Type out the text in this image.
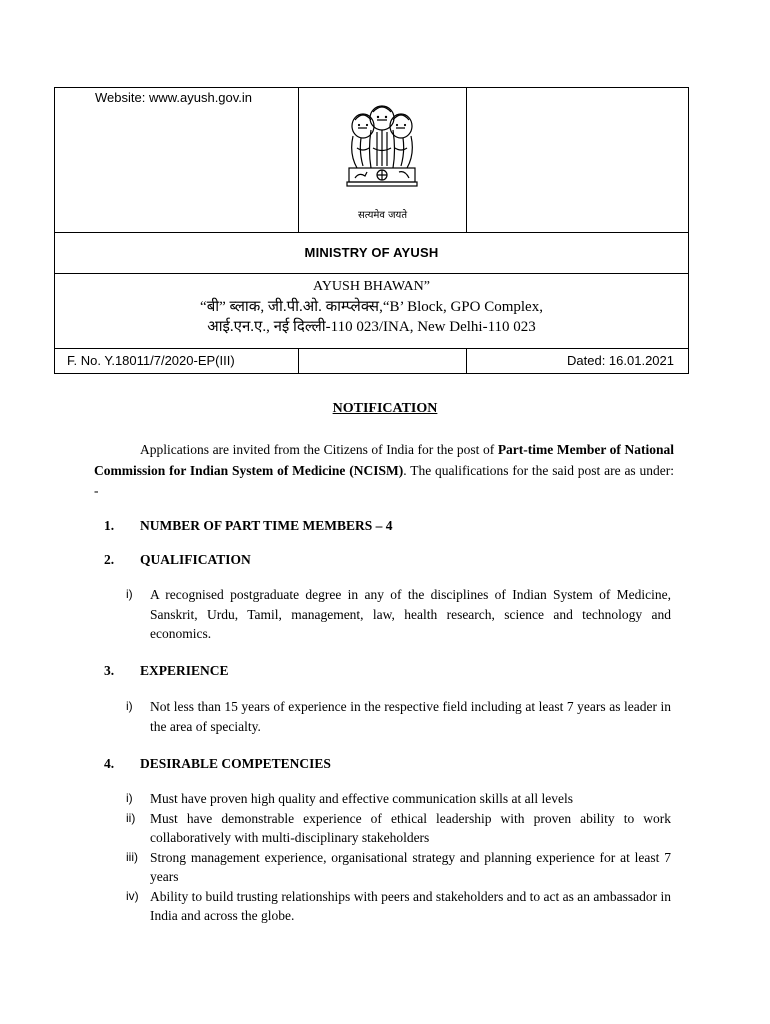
Website: www.ayush.gov.in
सत्यमेव जयते
MINISTRY OF AYUSH
AYUSH BHAWAN”
“बी” ब्लाक, जी.पी.ओ. काम्प्लेक्स,“B’ Block, GPO Complex,
आई.एन.ए., नई दिल्ली-110 023/INA, New Delhi-110 023
F. No. Y.18011/7/2020-EP(III)	Dated: 16.01.2021
NOTIFICATION
Applications are invited from the Citizens of India for the post of Part-time Member of National Commission for Indian System of Medicine (NCISM). The qualifications for the said post are as under: -
1. NUMBER OF PART TIME MEMBERS – 4
2. QUALIFICATION
i)	A recognised postgraduate degree in any of the disciplines of Indian System of Medicine, Sanskrit, Urdu, Tamil, management, law, health research, science and technology and economics.
3. EXPERIENCE
i)	Not less than 15 years of experience in the respective field including at least 7 years as leader in the area of specialty.
4. DESIRABLE COMPETENCIES
i)	Must have proven high quality and effective communication skills at all levels
ii)	Must have demonstrable experience of ethical leadership with proven ability to work collaboratively with multi-disciplinary stakeholders
iii) Strong management experience, organisational strategy and planning experience for at least 7 years
iv) Ability to build trusting relationships with peers and stakeholders and to act as an ambassador in India and across the globe.
